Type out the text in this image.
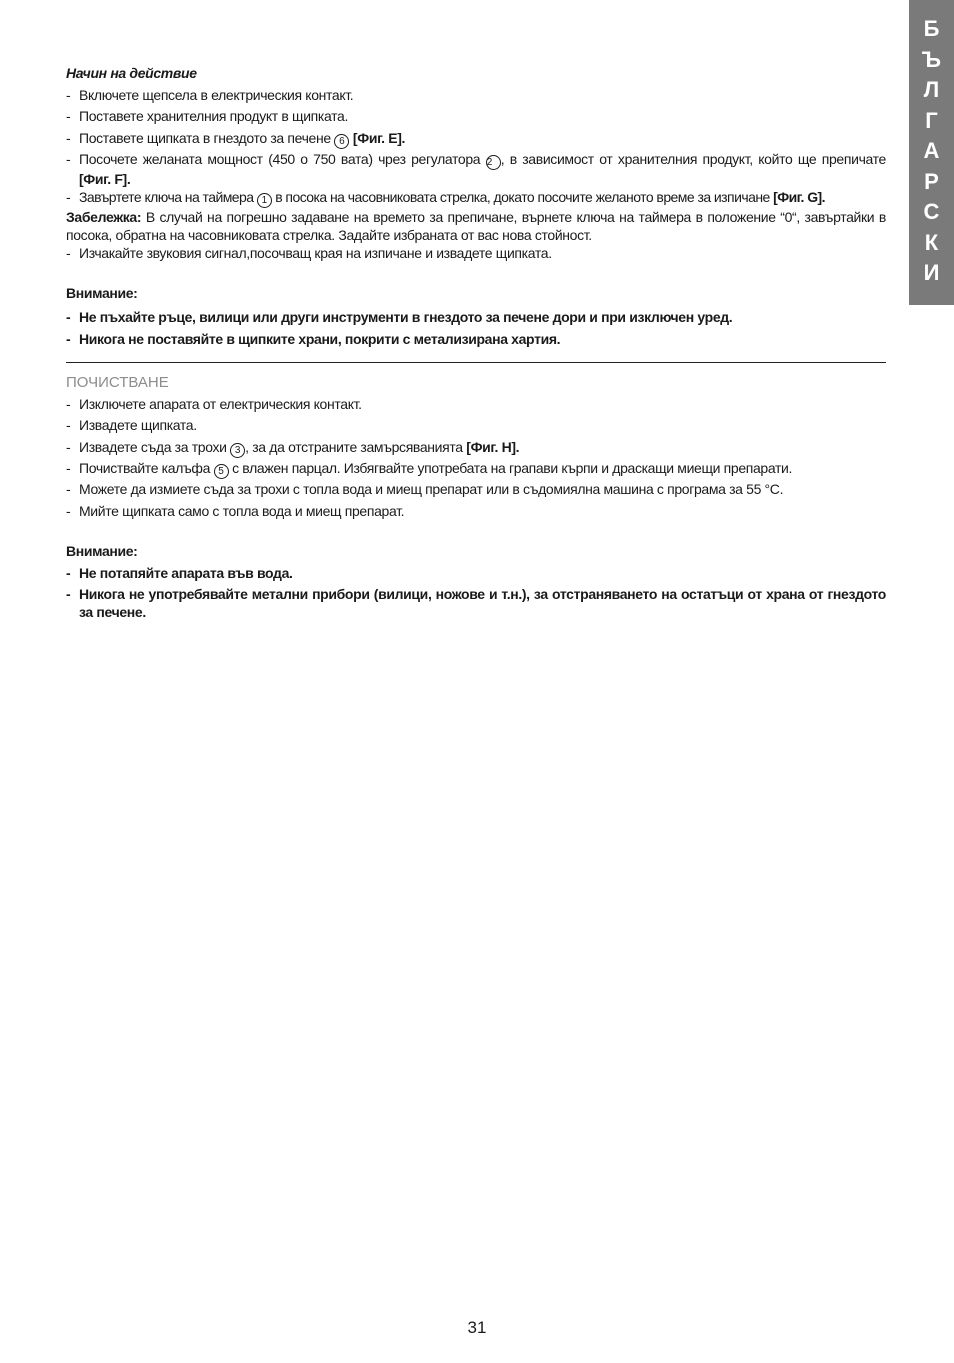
Б
Ъ
Л
Г
А
Р
С
К
И

Начин на действие

- Включете щепсела в електрическия контакт.
- Поставете хранителния продукт в щипката.
- Поставете щипката в гнездото за печене 6 [Фиг. E].
- Посочете желаната мощност (450 о 750 вата) чрез регулатора 2 , в зависимост от хранителния продукт, който ще препичате [Фиг. F].
- Завъртете ключа на таймера 1 в посока на часовниковата стрелка, докато посочите желаното време за изпичане [Фиг. G].

Забележка: В случай на погрешно задаване на времето за препичане, върнете ключа на таймера в положение “0“, завъртайки в посока, обратна на часовниковата стрелка. Задайте избраната от вас нова стойност.

- Изчакайте звуковия сигнал,посочващ края на изпичане и извадете щипката.

Внимание:

- Не пъхайте ръце, вилици или други инструменти в гнездото за печене дори и при изключен уред.
- Никога не поставяйте в щипките храни, покрити с метализирана хартия.

ПОЧИСТВАНЕ

- Изключете апарата от електрическия контакт.
- Извадете щипката.
- Извадете съда за трохи 3 , за да отстраните замърсяванията [Фиг. H].
- Почиствайте калъфа 5 с влажен парцал. Избягвайте употребата на грапави кърпи и драскащи миещи препарати.
- Можете да измиете съда за трохи с топла вода и миещ препарат или в съдомиялна машина с програма за 55 °C.
- Мийте щипката само с топла вода и миещ препарат.

Внимание:

- Не потапяйте апарата във вода.
- Никога не употребявайте метални прибори (вилици, ножове и т.н.), за отстраняването на остатъци от храна от гнездото за печене.
31
